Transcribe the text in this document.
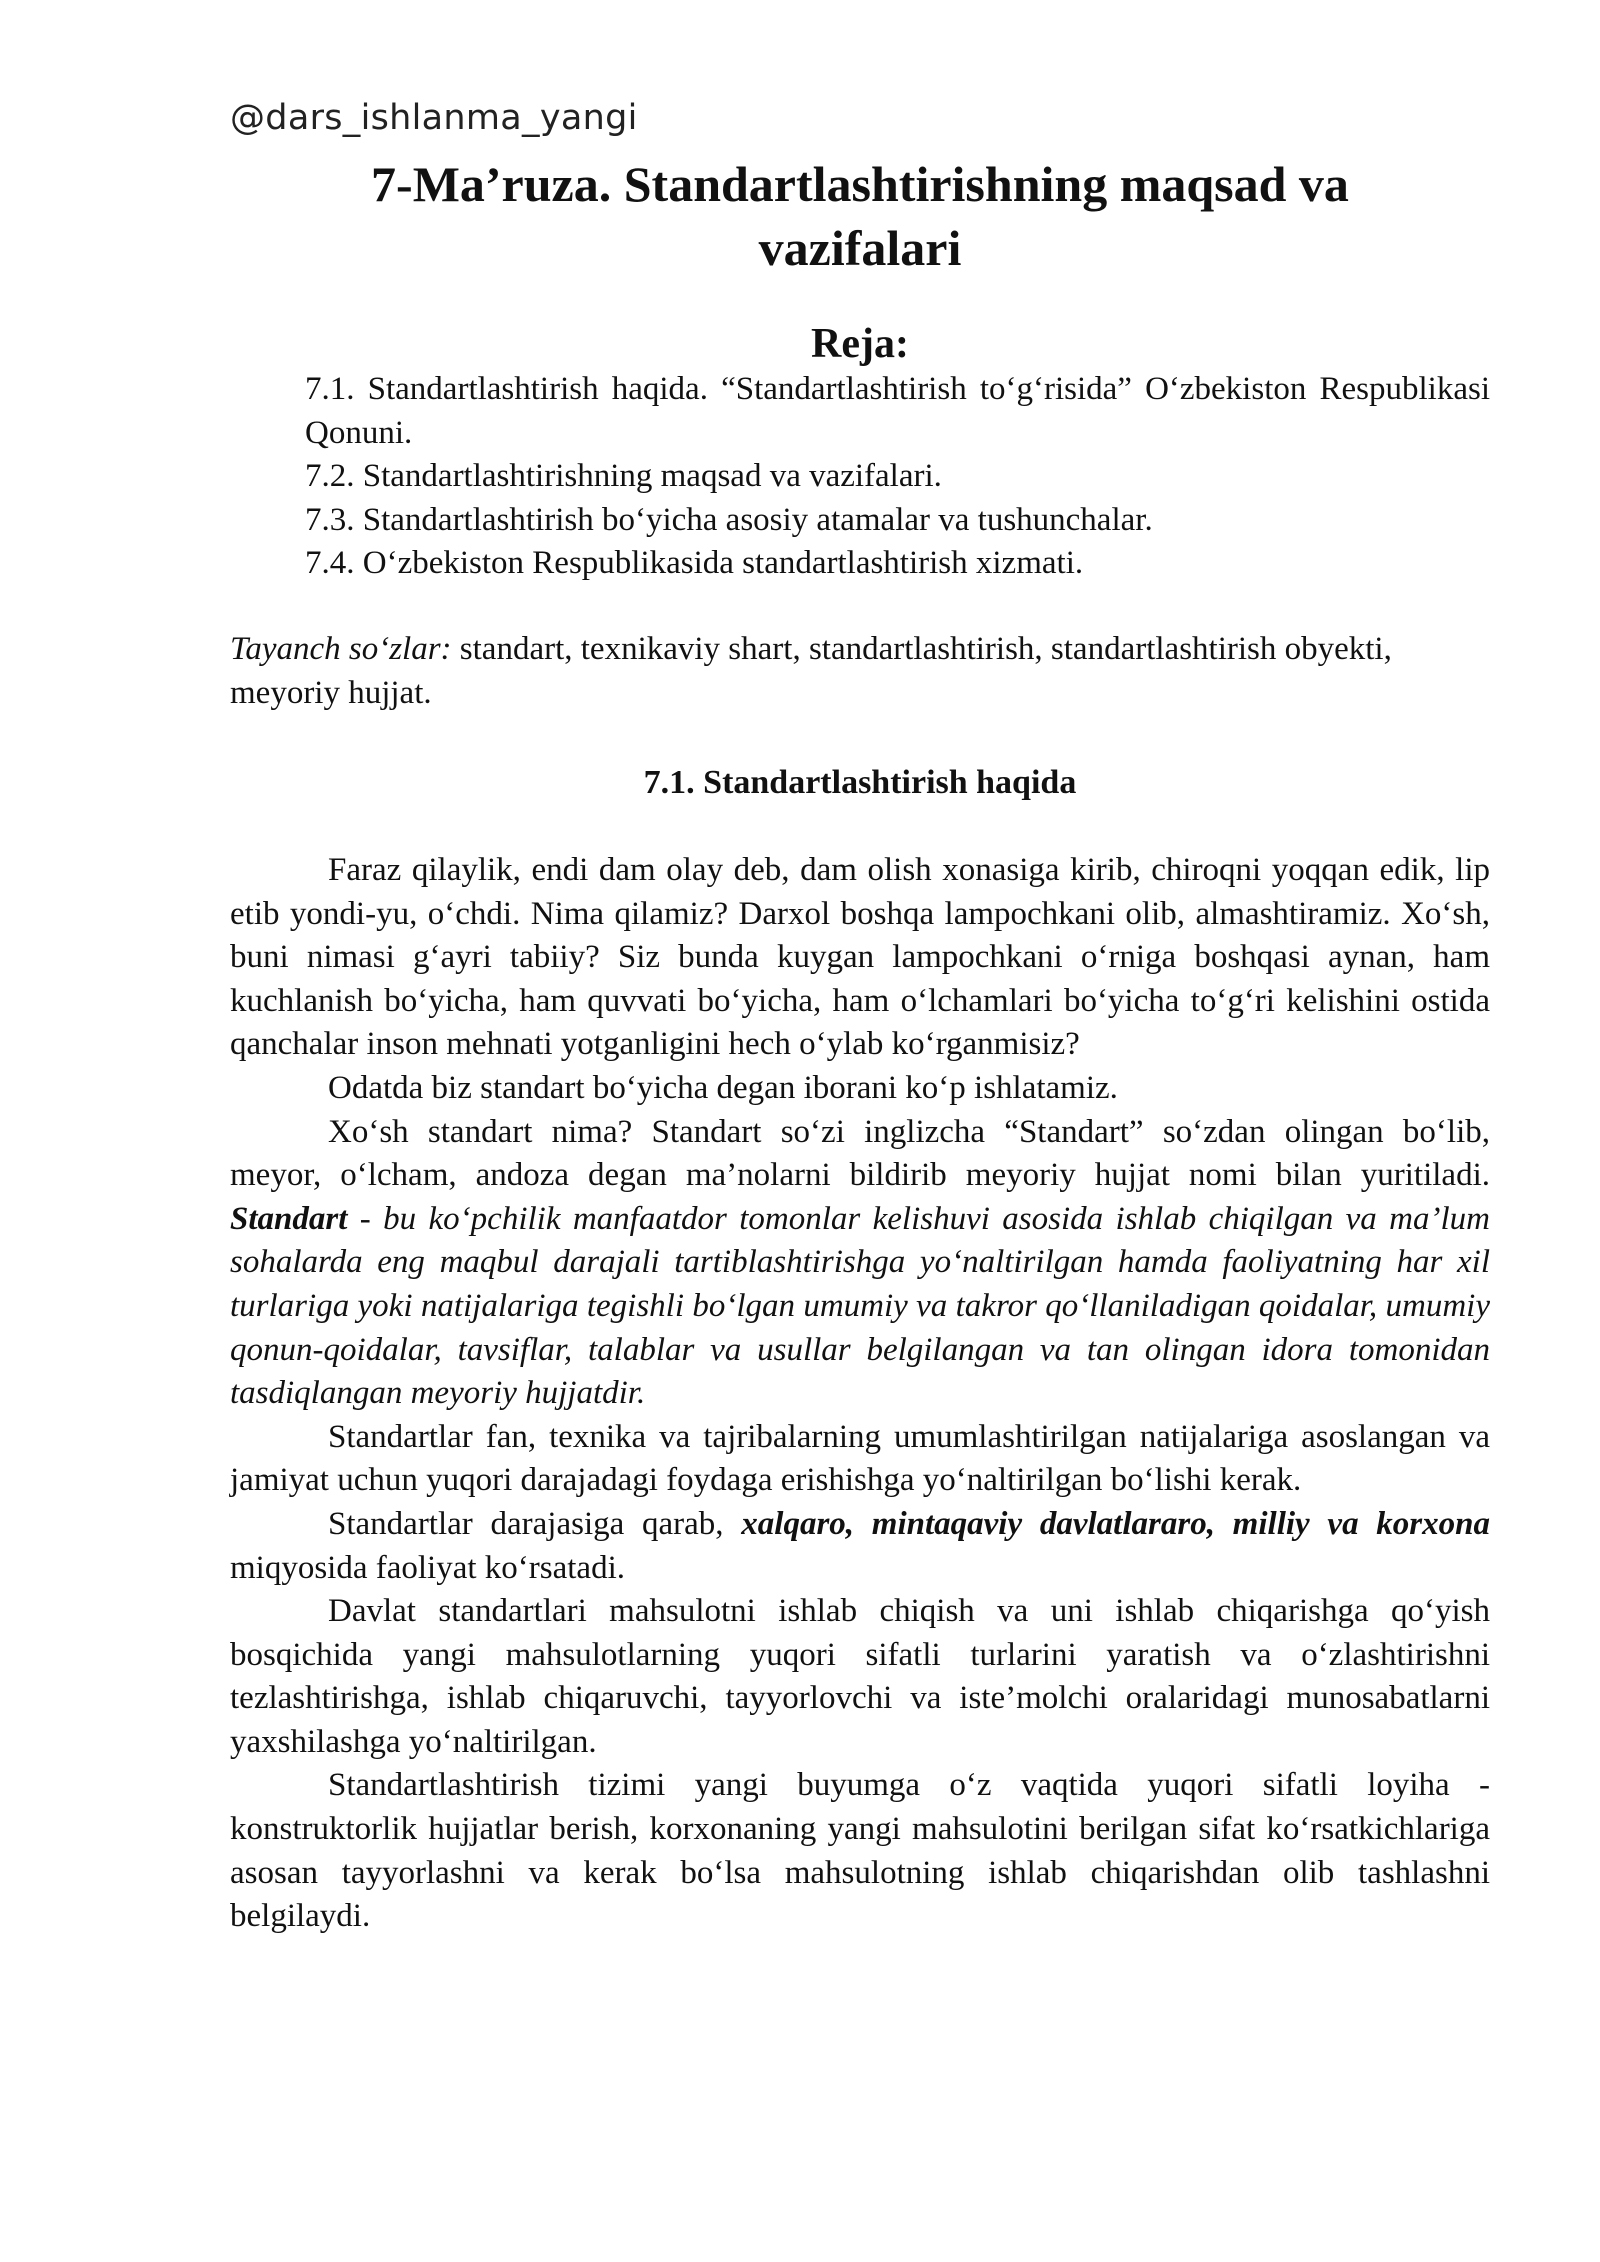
@dars_ishlanma_yangi
7-Ma’ruza. Standartlashtirishning maqsad va
vazifalari
Reja:
7.1. Standartlashtirish haqida. “Standartlashtirish to‘g‘risida” O‘zbekiston Respublikasi Qonuni.
7.2. Standartlashtirishning maqsad va vazifalari.
7.3. Standartlashtirish bo‘yicha asosiy atamalar va tushunchalar.
7.4. O‘zbekiston Respublikasida standartlashtirish xizmati.
Tayanch so‘zlar: standart, texnikaviy shart, standartlashtirish, standartlashtirish obyekti, meyoriy hujjat.
7.1. Standartlashtirish haqida

Faraz qilaylik, endi dam olay deb, dam olish xonasiga kirib, chiroqni yoqqan edik, lip etib yondi-yu, o‘chdi. Nima qilamiz? Darxol boshqa lampochkani olib, almashtiramiz. Xo‘sh, buni nimasi g‘ayri tabiiy? Siz bunda kuygan lampochkani o‘rniga boshqasi aynan, ham kuchlanish bo‘yicha, ham quvvati bo‘yicha, ham o‘lchamlari bo‘yicha to‘g‘ri kelishini ostida qanchalar inson mehnati yotganligini hech o‘ylab ko‘rganmisiz?

Odatda biz standart bo‘yicha degan iborani ko‘p ishlatamiz.

Xo‘sh standart nima? Standart so‘zi inglizcha “Standart” so‘zdan olingan bo‘lib, meyor, o‘lcham, andoza degan ma’nolarni bildirib meyoriy hujjat nomi bilan yuritiladi. Standart - bu ko‘pchilik manfaatdor tomonlar kelishuvi asosida ishlab chiqilgan va ma’lum sohalarda eng maqbul darajali tartiblashtirishga yo‘naltirilgan hamda faoliyatning har xil turlariga yoki natijalariga tegishli bo‘lgan umumiy va takror qo‘llaniladigan qoidalar, umumiy qonun-qoidalar, tavsiflar, talablar va usullar belgilangan va tan olingan idora tomonidan tasdiqlangan meyoriy hujjatdir.

Standartlar fan, texnika va tajribalarning umumlashtirilgan natijalariga asoslangan va jamiyat uchun yuqori darajadagi foydaga erishishga yo‘naltirilgan bo‘lishi kerak.

Standartlar darajasiga qarab, xalqaro, mintaqaviy davlatlararo, milliy va korxona miqyosida faoliyat ko‘rsatadi.

Davlat standartlari mahsulotni ishlab chiqish va uni ishlab chiqarishga qo‘yish bosqichida yangi mahsulotlarning yuqori sifatli turlarini yaratish va o‘zlashtirishni tezlashtirishga, ishlab chiqaruvchi, tayyorlovchi va iste’molchi oralaridagi munosabatlarni yaxshilashga yo‘naltirilgan.

Standartlashtirish tizimi yangi buyumga o‘z vaqtida yuqori sifatli loyiha - konstruktorlik hujjatlar berish, korxonaning yangi mahsulotini berilgan sifat ko‘rsatkichlariga asosan tayyorlashni va kerak bo‘lsa mahsulotning ishlab chiqarishdan olib tashlashni belgilaydi.
